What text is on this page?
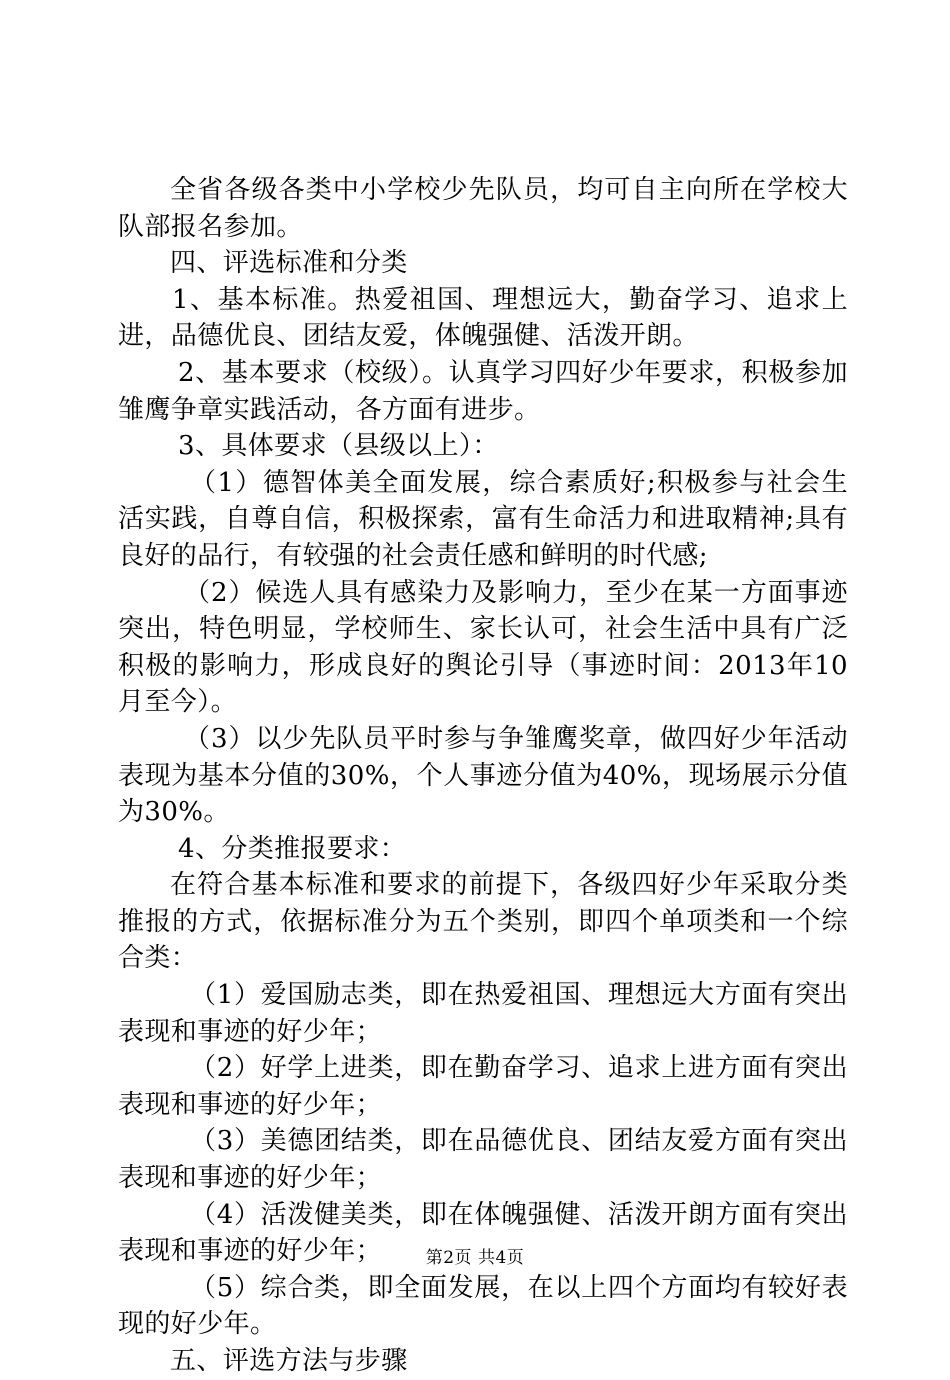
全省各级各类中小学校少先队员，均可自主向所在学校大队部报名参加。

四、评选标准和分类

1、基本标准。热爱祖国、理想远大，勤奋学习、追求上进，品德优良、团结友爱，体魄强健、活泼开朗。

2、基本要求（校级）。认真学习四好少年要求，积极参加雏鹰争章实践活动，各方面有进步。

3、具体要求（县级以上）：

（1）德智体美全面发展，综合素质好;积极参与社会生活实践，自尊自信，积极探索，富有生命活力和进取精神;具有良好的品行，有较强的社会责任感和鲜明的时代感;

（2）候选人具有感染力及影响力，至少在某一方面事迹突出，特色明显，学校师生、家长认可，社会生活中具有广泛积极的影响力，形成良好的舆论引导（事迹时间：2013年10月至今）。

（3）以少先队员平时参与争雏鹰奖章，做四好少年活动表现为基本分值的30%，个人事迹分值为40%，现场展示分值为30%。

4、分类推报要求：

在符合基本标准和要求的前提下，各级四好少年采取分类推报的方式，依据标准分为五个类别，即四个单项类和一个综合类：

（1）爱国励志类，即在热爱祖国、理想远大方面有突出表现和事迹的好少年；

（2）好学上进类，即在勤奋学习、追求上进方面有突出表现和事迹的好少年；

（3）美德团结类，即在品德优良、团结友爱方面有突出表现和事迹的好少年；

（4）活泼健美类，即在体魄强健、活泼开朗方面有突出表现和事迹的好少年；

（5）综合类，即全面发展，在以上四个方面均有较好表现的好少年。

五、评选方法与步骤

第2页 共4页
